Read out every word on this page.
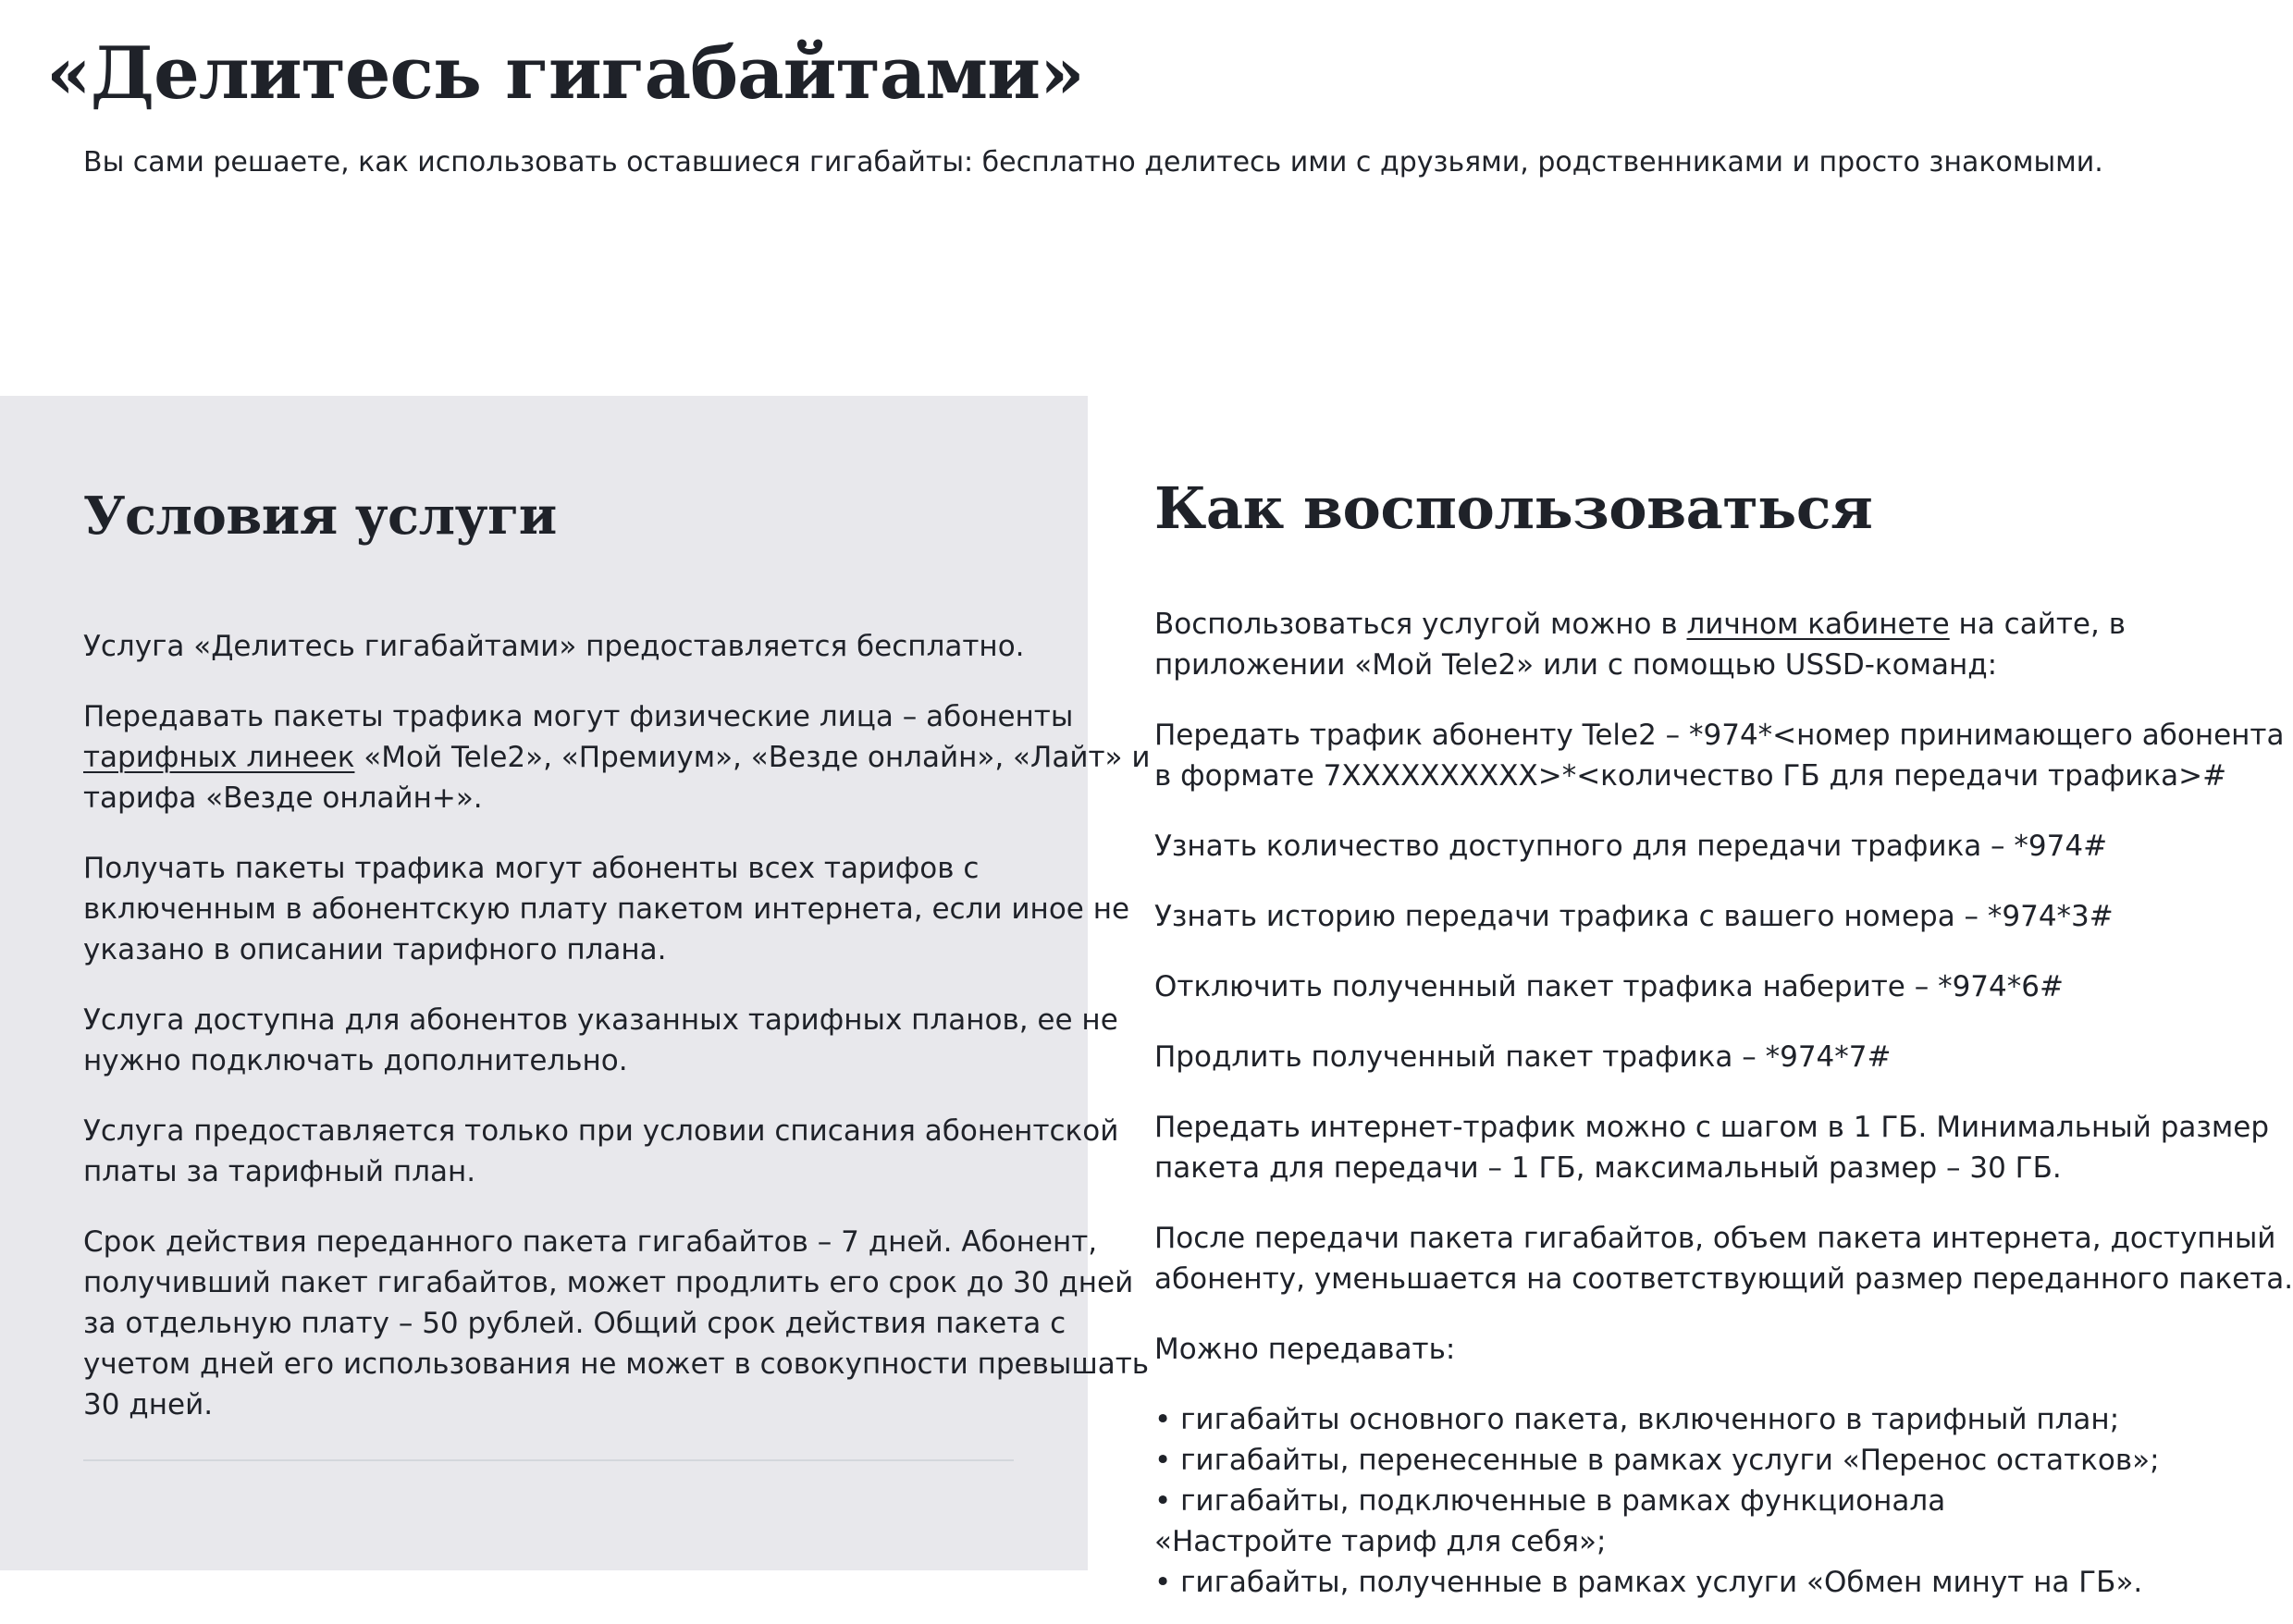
«Делитесь гигабайтами»

Вы сами решаете, как использовать оставшиеся гигабайты: бесплатно делитесь ими с друзьями, родственниками и просто знакомыми.

Условия услуги

Услуга «Делитесь гигабайтами» предоставляется бесплатно.

Передавать пакеты трафика могут физические лица – абоненты
тарифных линеек «Мой Tele2», «Премиум», «Везде онлайн», «Лайт» и
тарифа «Везде онлайн+».

Получать пакеты трафика могут абоненты всех тарифов с
включенным в абонентскую плату пакетом интернета, если иное не
указано в описании тарифного плана.

Услуга доступна для абонентов указанных тарифных планов, ее не
нужно подключать дополнительно.

Услуга предоставляется только при условии списания абонентской
платы за тарифный план.

Срок действия переданного пакета гигабайтов – 7 дней. Абонент,
получивший пакет гигабайтов, может продлить его срок до 30 дней
за отдельную плату – 50 рублей. Общий срок действия пакета с
учетом дней его использования не может в совокупности превышать
30 дней.

Как воспользоваться

Воспользоваться услугой можно в личном кабинете на сайте, в
приложении «Мой Tele2» или с помощью USSD-команд:

Передать трафик абоненту Tele2 – *974*<номер принимающего абонента
в формате 7XXXXXXXXXX>*<количество ГБ для передачи трафика>#

Узнать количество доступного для передачи трафика – *974#

Узнать историю передачи трафика с вашего номера – *974*3#

Отключить полученный пакет трафика наберите – *974*6#

Продлить полученный пакет трафика – *974*7#

Передать интернет-трафик можно с шагом в 1 ГБ. Минимальный размер
пакета для передачи – 1 ГБ, максимальный размер – 30 ГБ.

После передачи пакета гигабайтов, объем пакета интернета, доступный
абоненту, уменьшается на соответствующий размер переданного пакета.

Можно передавать:

• гигабайты основного пакета, включенного в тарифный план;
• гигабайты, перенесенные в рамках услуги «Перенос остатков»;
• гигабайты, подключенные в рамках функционала
«Настройте тариф для себя»;
• гигабайты, полученные в рамках услуги «Обмен минут на ГБ».
